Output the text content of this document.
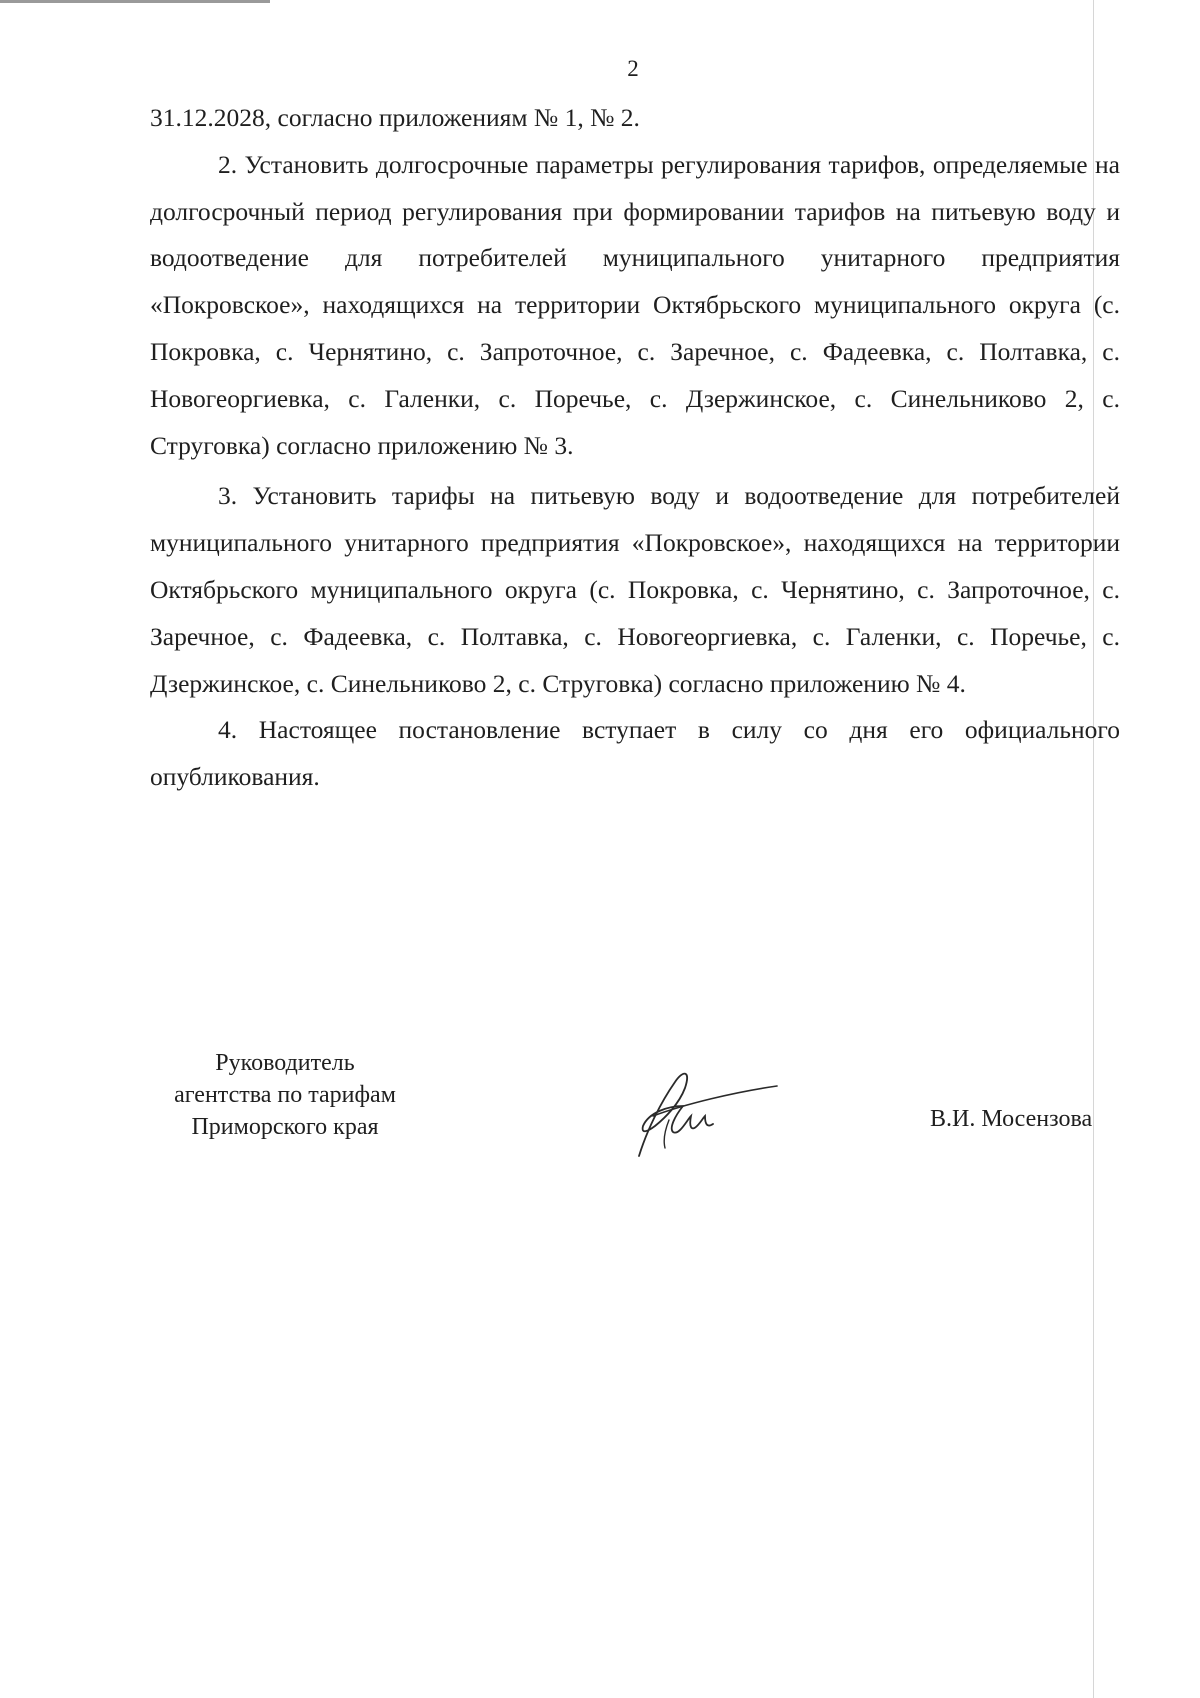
2

31.12.2028, согласно приложениям № 1, № 2.

2. Установить долгосрочные параметры регулирования тарифов, определяемые на долгосрочный период регулирования при формировании тарифов на питьевую воду и водоотведение для потребителей муниципального унитарного предприятия «Покровское», находящихся на территории Октябрьского муниципального округа (с. Покровка, с. Чернятино, с. Запроточное, с. Заречное, с. Фадеевка, с. Полтавка, с. Новогеоргиевка, с. Галенки, с. Поречье, с. Дзержинское, с. Синельниково 2, с. Струговка) согласно приложению № 3.

3. Установить тарифы на питьевую воду и водоотведение для потребителей муниципального унитарного предприятия «Покровское», находящихся на территории Октябрьского муниципального округа (с. Покровка, с. Чернятино, с. Запроточное, с. Заречное, с. Фадеевка, с. Полтавка, с. Новогеоргиевка, с. Галенки, с. Поречье, с. Дзержинское, с. Синельниково 2, с. Струговка) согласно приложению № 4.

4. Настоящее постановление вступает в силу со дня его официального опубликования.

Руководитель
агентства по тарифам
Приморского края	В.И. Мосензова
